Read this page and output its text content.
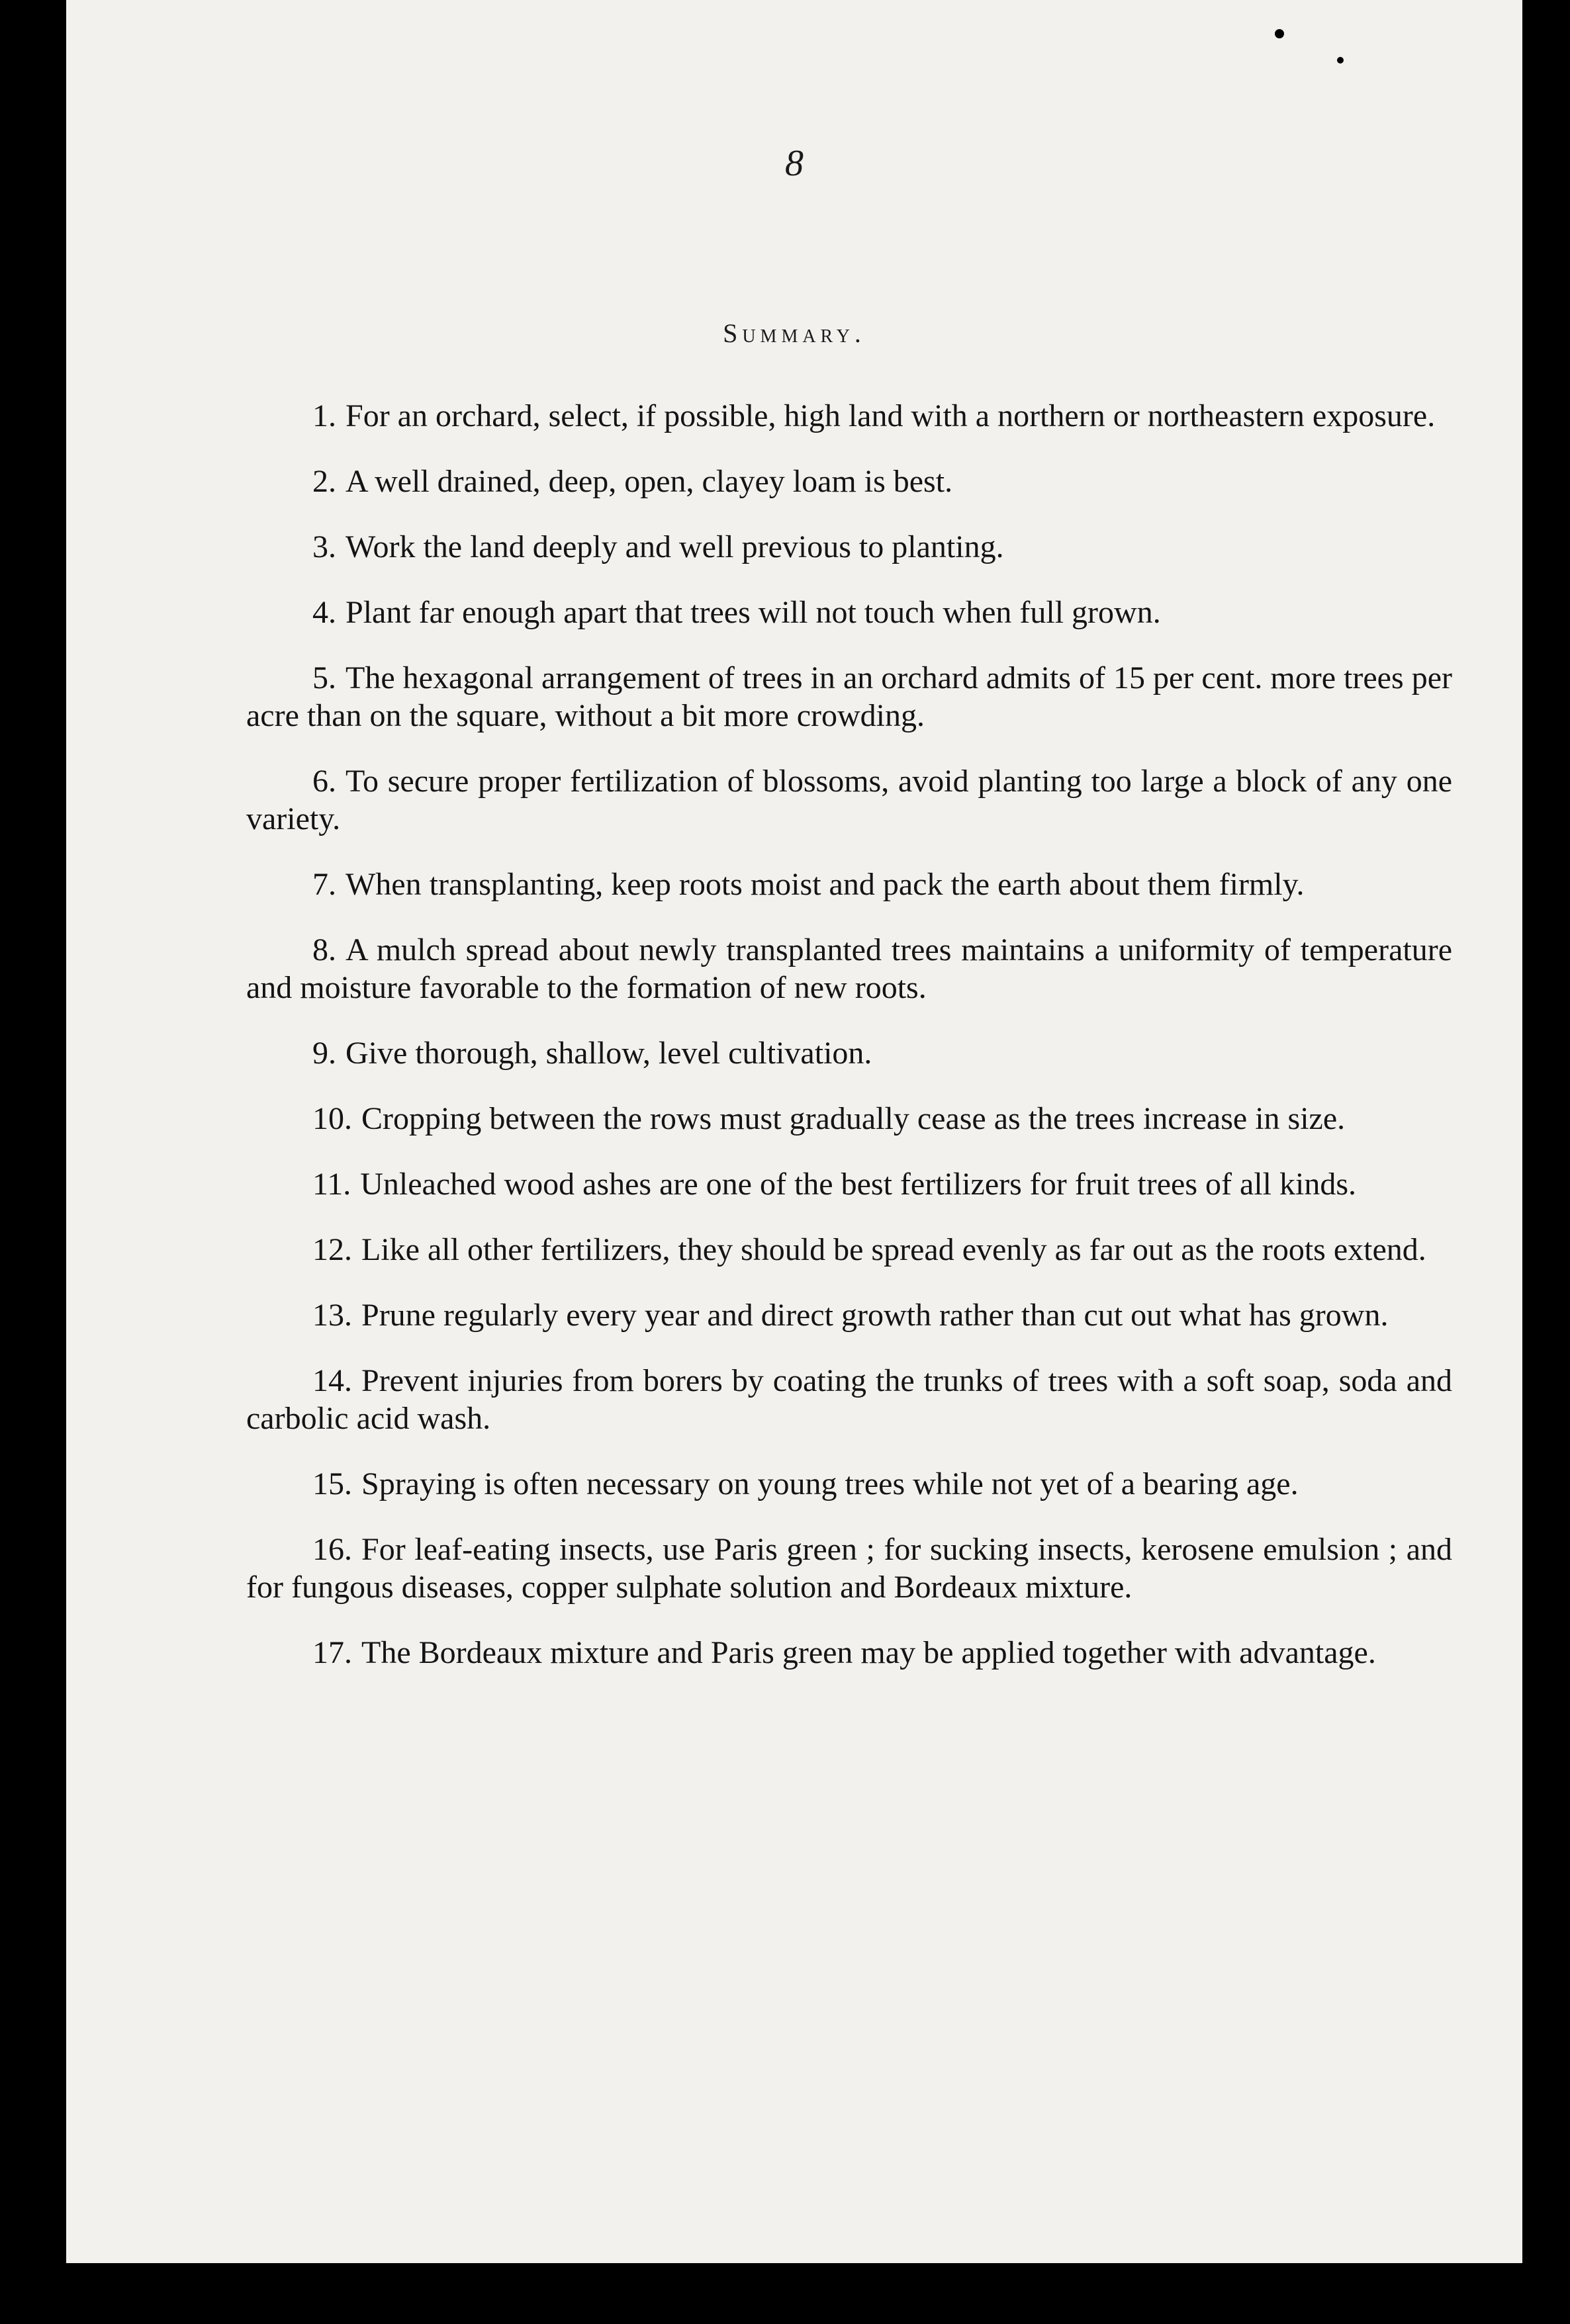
8
Summary.
1. For an orchard, select, if possible, high land with a northern or northeastern exposure.
2. A well drained, deep, open, clayey loam is best.
3. Work the land deeply and well previous to planting.
4. Plant far enough apart that trees will not touch when full grown.
5. The hexagonal arrangement of trees in an orchard admits of 15 per cent. more trees per acre than on the square, without a bit more crowding.
6. To secure proper fertilization of blossoms, avoid planting too large a block of any one variety.
7. When transplanting, keep roots moist and pack the earth about them firmly.
8. A mulch spread about newly transplanted trees maintains a uniformity of temperature and moisture favorable to the formation of new roots.
9. Give thorough, shallow, level cultivation.
10. Cropping between the rows must gradually cease as the trees increase in size.
11. Unleached wood ashes are one of the best fertilizers for fruit trees of all kinds.
12. Like all other fertilizers, they should be spread evenly as far out as the roots extend.
13. Prune regularly every year and direct growth rather than cut out what has grown.
14. Prevent injuries from borers by coating the trunks of trees with a soft soap, soda and carbolic acid wash.
15. Spraying is often necessary on young trees while not yet of a bearing age.
16. For leaf-eating insects, use Paris green ; for sucking insects, kerosene emulsion ; and for fungous diseases, copper sulphate solution and Bordeaux mixture.
17. The Bordeaux mixture and Paris green may be applied together with advantage.
